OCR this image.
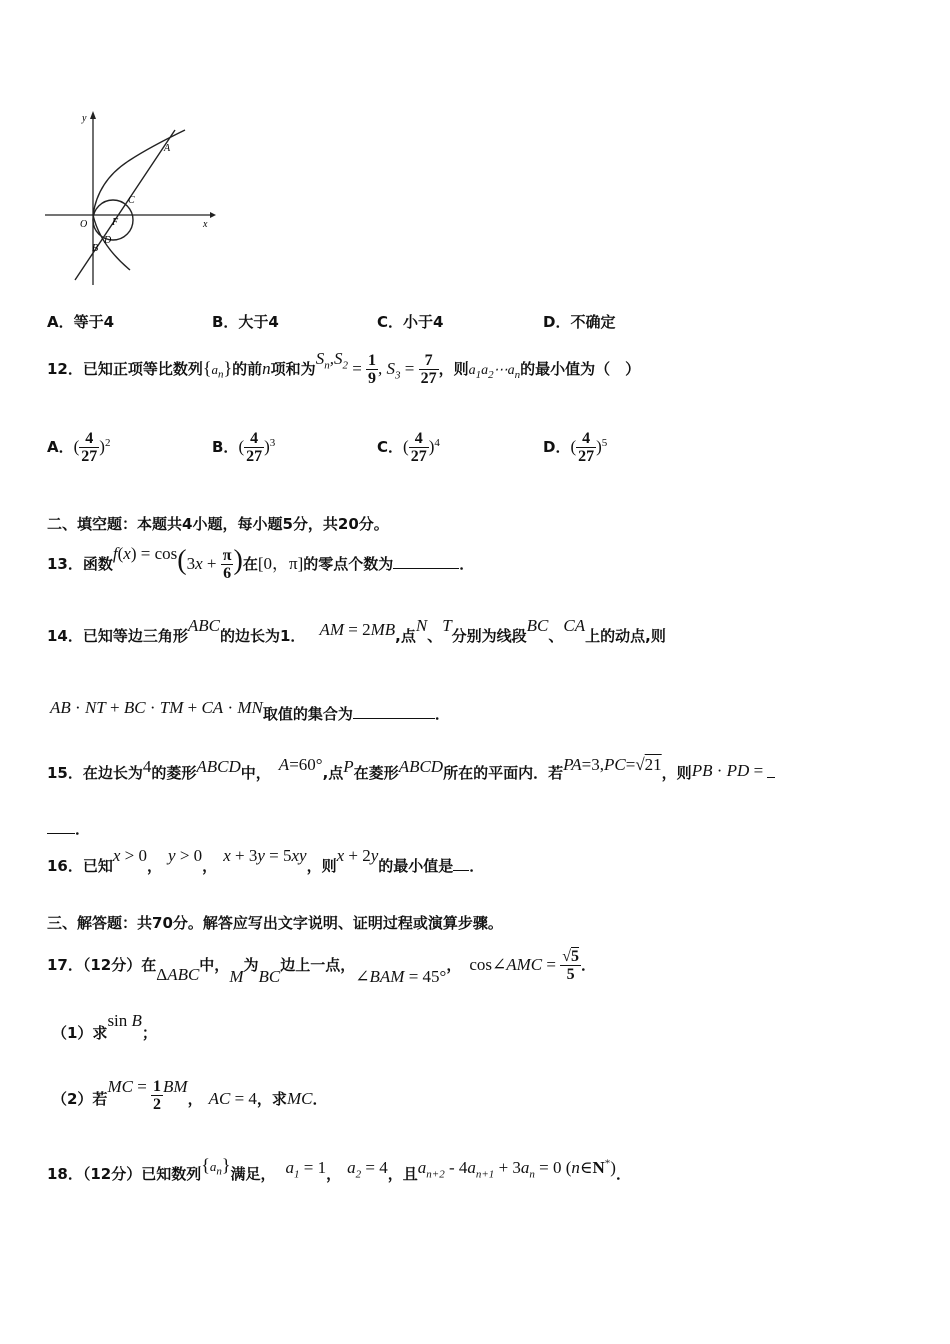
y
x
O
A
C
F
D
B
A．等于4	B．大于4	C．小于4	D．不确定
12．已知正项等比数列$\{a_n\}$的前n项和为$S_n,S_2 = \frac{1}{9}$ , $S_3 = \frac{7}{27}$ ，则$a_1a_2\cdots a_n$的最小值为（　）
A．( $\frac{4}{27} )^2$	B．( $\frac{4}{27} )^3$	C．( $\frac{4}{27} )^4$	D．( $\frac{4}{27} )^5$
二、填空题：本题共4小题，每小题5分，共20分。
13．函数$f(x) = \cos(3x + \frac{\pi}{6}$ )在[0，π]的零点个数为	．
14．已知等边三角形ABC的边长为1． AM = 2MB,点N、T分别为线段BC、CA上的动点,则
AB · NT + BC · TM + CA · MN取值的集合为	．
15．在边长为4的菱形ABCD中， A=60°,点P在菱形ABCD所在的平面内．若PA=3,PC=√21，则PB · PD =
．
16．已知x > 0，y > 0，x + 3y = 5xy，则x + 2y的最小值是 ．
三、解答题：共70分。解答应写出文字说明、证明过程或演算步骤。
17．（12分）在ΔABC中，M为BC边上一点，∠BAM = 45°， cos∠AMC = $\frac{√5}{5}$ ．
（1）求sin B；
（2）若MC = $\frac{1}{2}$ BM， AC = 4，求MC．
18．（12分）已知数列$\{a_n\}$满足， $a_1 = 1$， $a_2 = 4$，且$a_{n+2} - 4a_{n+1} + 3a_n = 0$ (n∈N*)．
